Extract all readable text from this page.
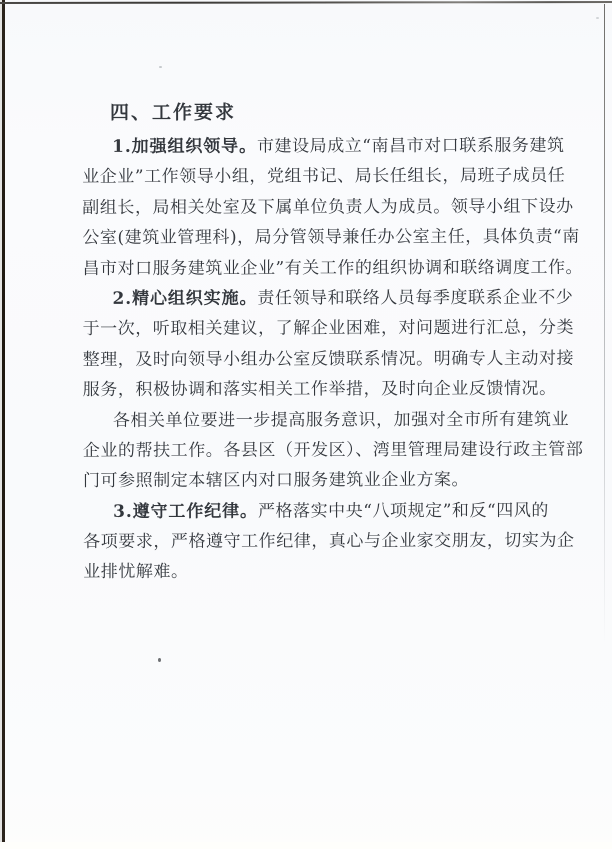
四、工作要求
1.加强组织领导。市建设局成立“南昌市对口联系服务建筑
业企业”工作领导小组，党组书记、局长任组长，局班子成员任
副组长，局相关处室及下属单位负责人为成员。领导小组下设办
公室(建筑业管理科)，局分管领导兼任办公室主任，具体负责“南
昌市对口服务建筑业企业”有关工作的组织协调和联络调度工作。
2.精心组织实施。责任领导和联络人员每季度联系企业不少
于一次，听取相关建议，了解企业困难，对问题进行汇总，分类
整理，及时向领导小组办公室反馈联系情况。明确专人主动对接
服务，积极协调和落实相关工作举措，及时向企业反馈情况。
各相关单位要进一步提高服务意识，加强对全市所有建筑业
企业的帮扶工作。各县区（开发区）、湾里管理局建设行政主管部
门可参照制定本辖区内对口服务建筑业企业方案。
3.遵守工作纪律。严格落实中央“八项规定”和反“四风的
各项要求，严格遵守工作纪律，真心与企业家交朋友，切实为企
业排忧解难。
